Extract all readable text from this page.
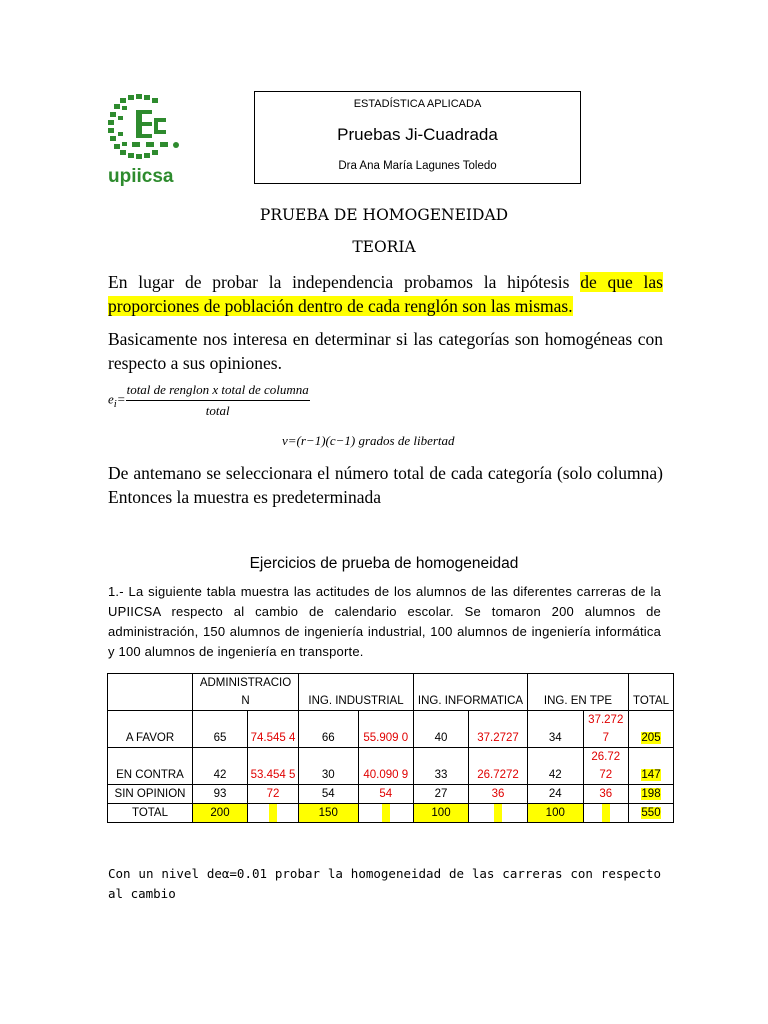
upiicsa
ESTADÍSTICA APLICADA
Pruebas Ji-Cuadrada
Dra Ana María Lagunes Toledo
PRUEBA DE HOMOGENEIDAD
TEORIA
En lugar de probar la independencia probamos la hipótesis de que las proporciones de población dentro de cada renglón son las mismas.
Basicamente nos interesa en determinar si las categorías son homogéneas con respecto a sus opiniones.
$e_i= \frac{\text{total de renglon x total de columna}}{\text{total}}$
ν=(r−1)(c−1) grados de libertad
De antemano se seleccionara el número total de cada categoría (solo columna) Entonces la muestra es predeterminada
Ejercicios de prueba de homogeneidad
1.- La siguiente tabla muestra las actitudes de los alumnos de las diferentes carreras de la UPIICSA respecto al cambio de calendario escolar. Se tomaron 200 alumnos de administración, 150 alumnos de ingeniería industrial, 100 alumnos de ingeniería informática y 100 alumnos de ingeniería en transporte.
	ADMINISTRACIO N		ING. INDUSTRIAL		ING. INFORMATICA		ING. EN TPE		TOTAL
A FAVOR	65	74.545 4	66	55.909 0	40	37.2727	34	37.272 7	205
EN CONTRA	42	53.454 5	30	40.090 9	33	26.7272	42	26.72 72	147
SIN OPINION	93	72	54	54	27	36	24	36	198
TOTAL	200		150		100		100		550
Con un nivel deα=0.01 probar la homogeneidad de las carreras con respecto al cambio
